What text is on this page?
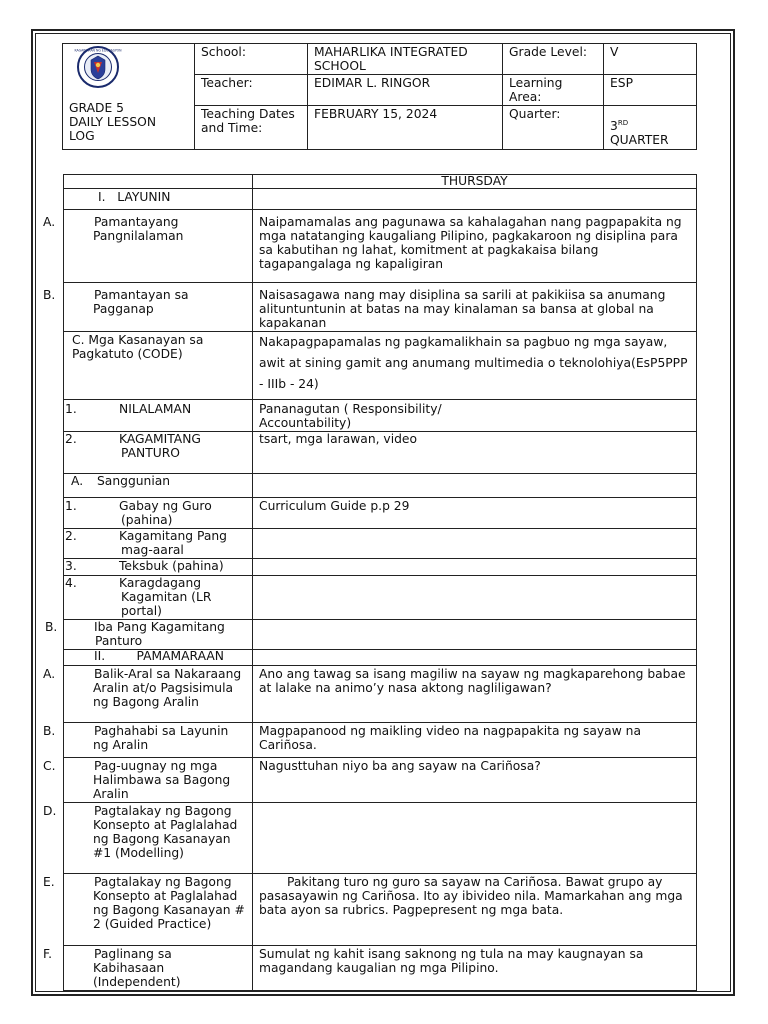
KAGAWARAN NG EDUKASYON
GRADE 5
DAILY LESSON
LOG	School:	MAHARLIKA INTEGRATED SCHOOL	Grade Level:	V
	Teacher:	EDIMAR L. RINGOR	Learning Area:	ESP
	Teaching Dates and Time:	FEBRUARY 15, 2024	Quarter:	3RD
QUARTER
	THURSDAY
I. LAYUNIN	
A. Pamantayang Pangnilalaman	Naipamamalas ang pagunawa sa kahalagahan nang pagpapakita ng mga natatanging kaugaliang Pilipino, pagkakaroon ng disiplina para sa kabutihan ng lahat, komitment at pagkakaisa bilang tagapangalaga ng kapaligiran
B. Pamantayan sa Pagganap	Naisasagawa nang may disiplina sa sarili at pakikiisa sa anumang alituntuntunin at batas na may kinalaman sa bansa at global na kapakanan
C. Mga Kasanayan sa Pagkatuto (CODE)	Nakapagpapamalas ng pagkamalikhain sa pagbuo ng mga sayaw, awit at sining gamit ang anumang multimedia o teknolohiya(EsP5PPP - IIIb - 24)
1. NILALAMAN	Pananagutan ( Responsibility/ Accountability)
2. KAGAMITANG PANTURO	tsart, mga larawan, video
A. Sanggunian	
1. Gabay ng Guro (pahina)	Curriculum Guide p.p 29
2. Kagamitang Pang mag-aaral	
3. Teksbuk (pahina)	
4. Karagdagang Kagamitan (LR portal)	
B. Iba Pang Kagamitang Panturo	
II. PAMAMARAAN	
A. Balik-Aral sa Nakaraang Aralin at/o Pagsisimula ng Bagong Aralin	Ano ang tawag sa isang magiliw na sayaw ng magkaparehong babae at lalake na animo’y nasa aktong nagliligawan?
B. Paghahabi sa Layunin ng Aralin	Magpapanood ng maikling video na nagpapakita ng sayaw na Cariñosa.
C. Pag-uugnay ng mga Halimbawa sa Bagong Aralin	Nagusttuhan niyo ba ang sayaw na Cariñosa?
D. Pagtalakay ng Bagong Konsepto at Paglalahad ng Bagong Kasanayan #1 (Modelling)	
E. Pagtalakay ng Bagong Konsepto at Paglalahad ng Bagong Kasanayan # 2 (Guided Practice)	Pakitang turo ng guro sa sayaw na Cariñosa. Bawat grupo ay pasasayawin ng Cariñosa. Ito ay ibivideo nila. Mamarkahan ang mga bata ayon sa rubrics. Pagpepresent ng mga bata.
F. Paglinang sa Kabihasaan (Independent)	Sumulat ng kahit isang saknong ng tula na may kaugnayan sa magandang kaugalian ng mga Pilipino.
